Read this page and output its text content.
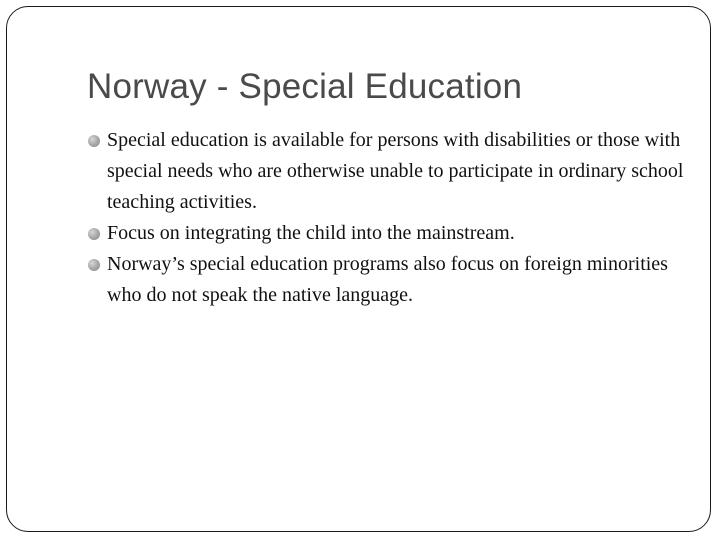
Norway - Special Education
Special education is available for persons with disabilities or those with special needs who are otherwise unable to participate in ordinary school teaching activities.
Focus on integrating the child into the mainstream.
Norway’s special education programs also focus on foreign minorities who do not speak the native language.
